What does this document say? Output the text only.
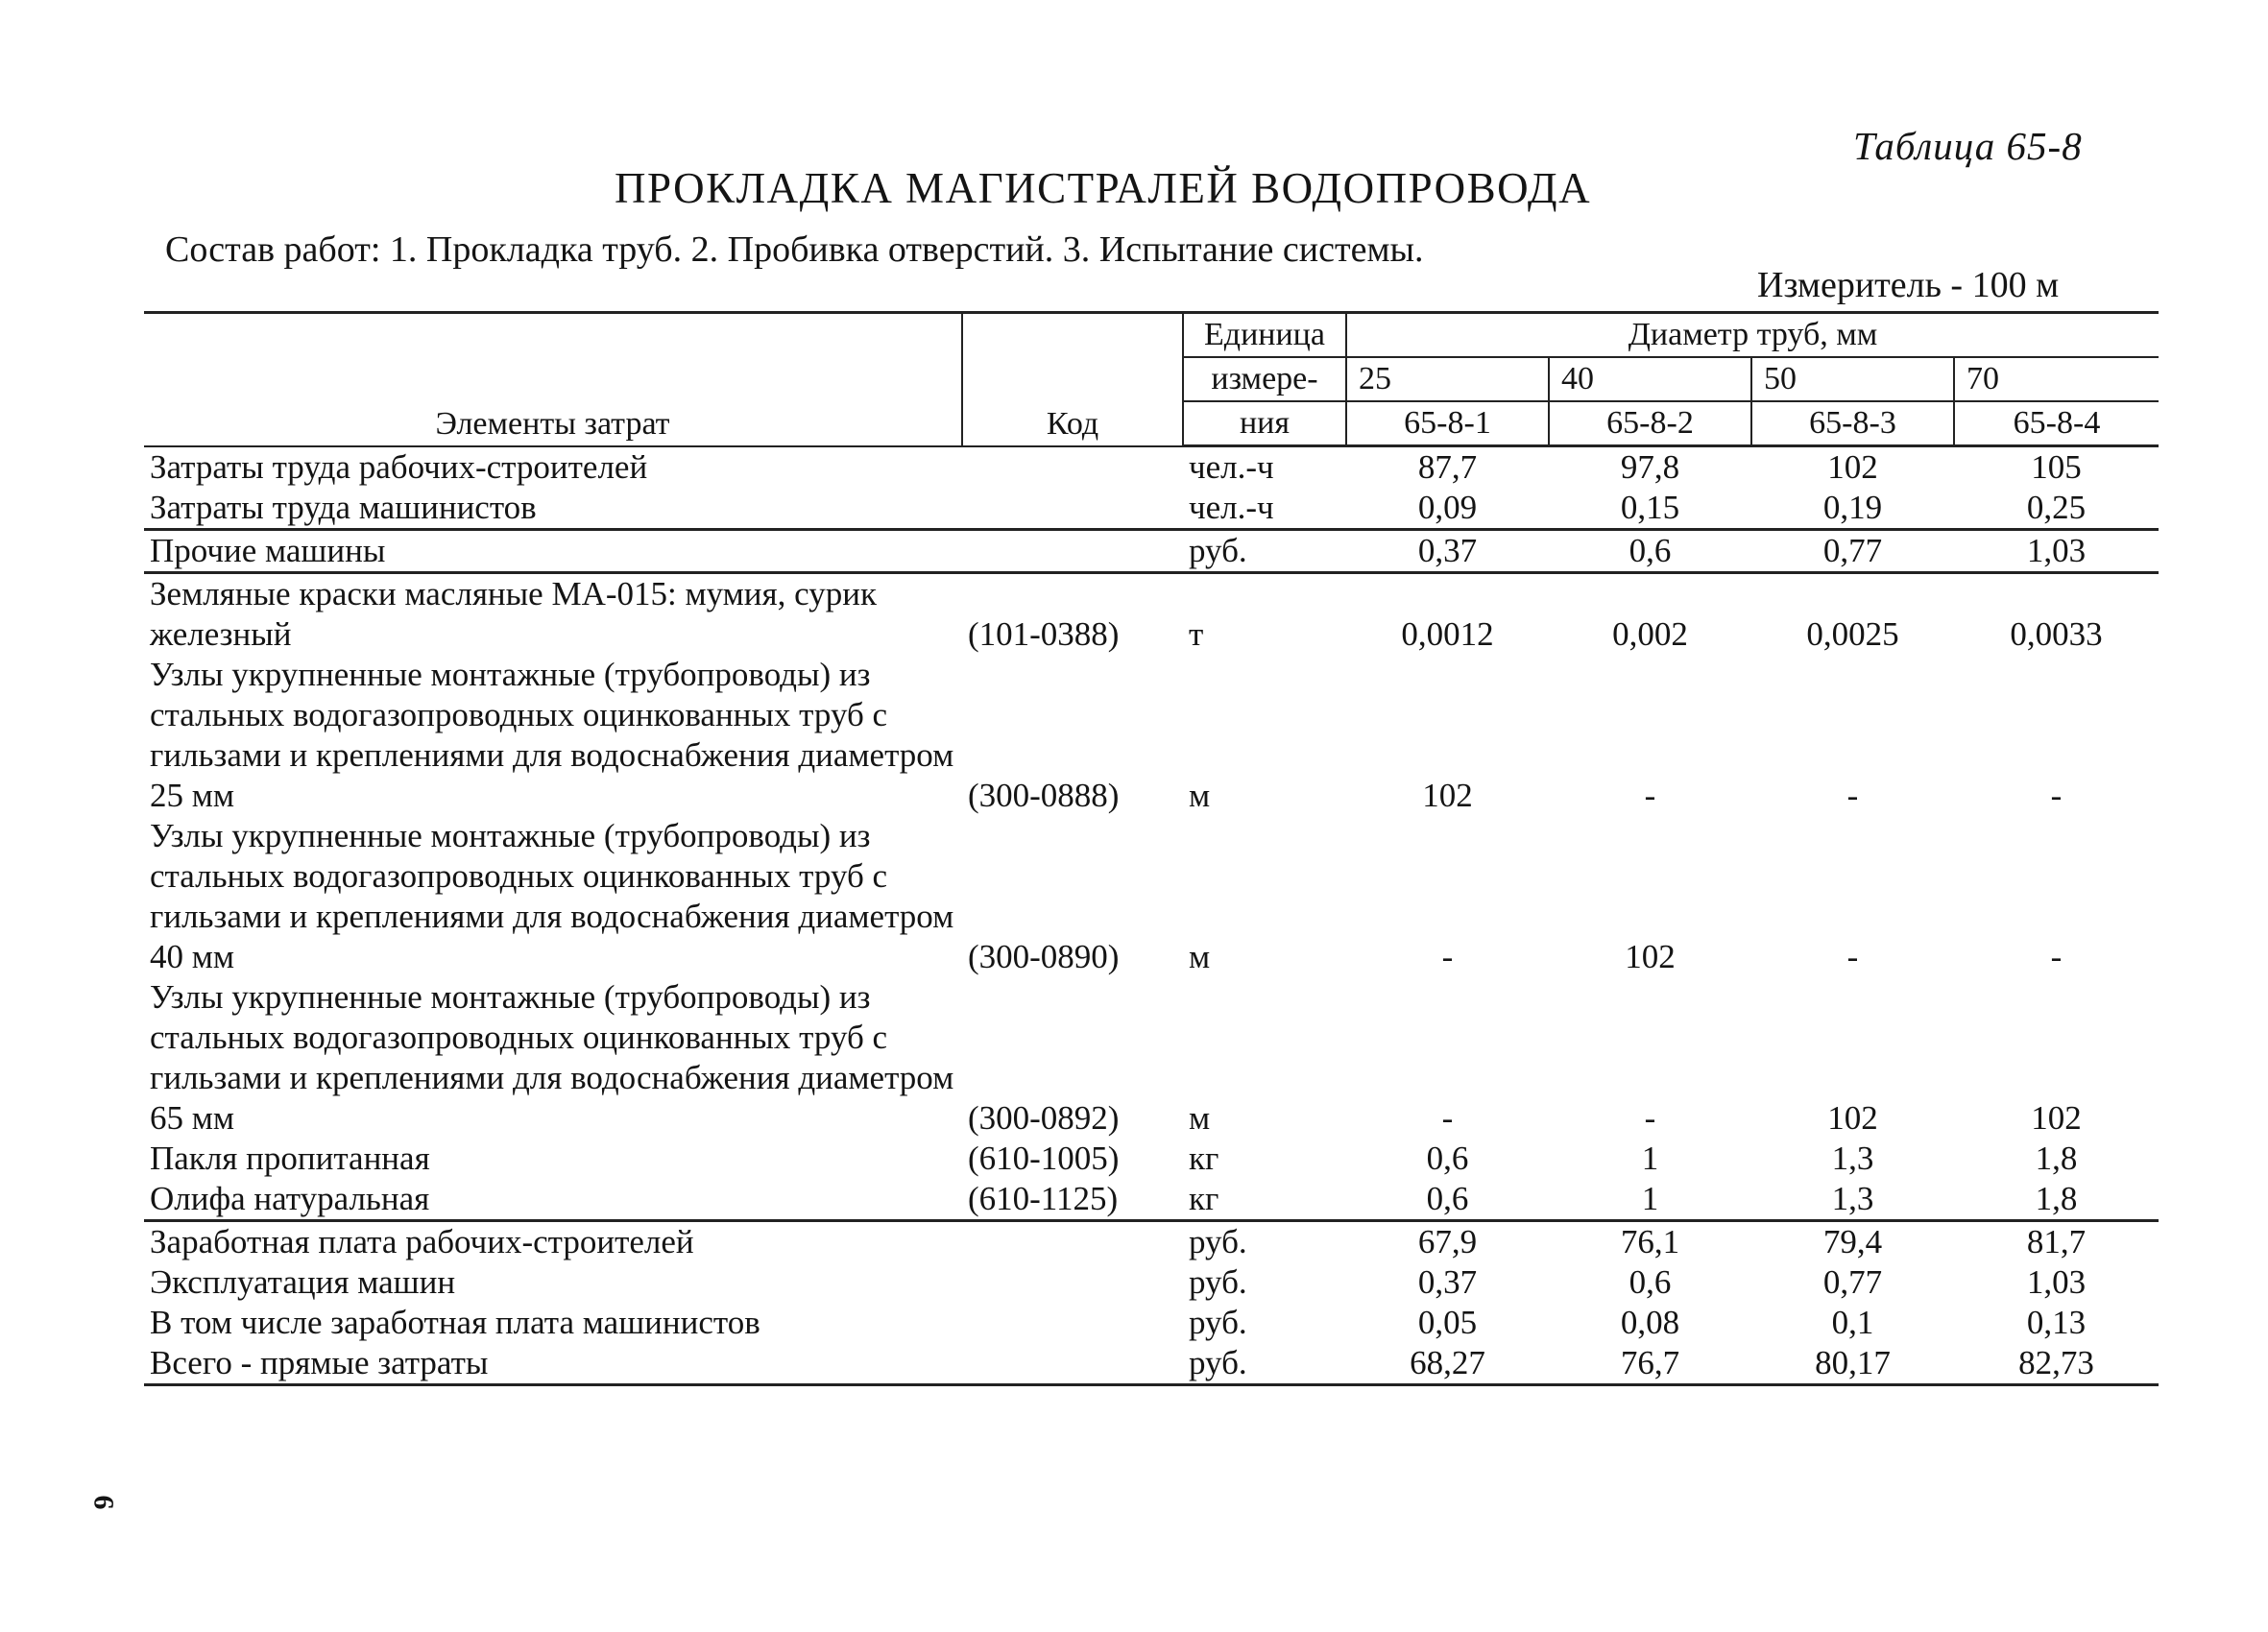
Таблица 65-8
ПРОКЛАДКА МАГИСТРАЛЕЙ ВОДОПРОВОДА
Состав работ: 1. Прокладка труб. 2. Пробивка отверстий. 3. Испытание системы.
Измеритель - 100 м
Элементы затрат	Код	Единица	Диаметр труб, мм			
		измере-	25	40	50	70
		ния	65-8-1	65-8-2	65-8-3	65-8-4
Затраты труда рабочих-строителей		чел.-ч	87,7	97,8	102	105
Затраты труда машинистов		чел.-ч	0,09	0,15	0,19	0,25
Прочие машины		руб.	0,37	0,6	0,77	1,03
Земляные краски масляные МА-015: мумия, сурик железный	(101-0388)	т	0,0012	0,002	0,0025	0,0033
Узлы укрупненные монтажные (трубопроводы) из стальных водогазопроводных оцинкованных труб с гильзами и креплениями для водоснабжения диаметром 25 мм	(300-0888)	м	102	-	-	-
Узлы укрупненные монтажные (трубопроводы) из стальных водогазопроводных оцинкованных труб с гильзами и креплениями для водоснабжения диаметром 40 мм	(300-0890)	м	-	102	-	-
Узлы укрупненные монтажные (трубопроводы) из стальных водогазопроводных оцинкованных труб с гильзами и креплениями для водоснабжения диаметром 65 мм	(300-0892)	м	-	-	102	102
Пакля пропитанная	(610-1005)	кг	0,6	1	1,3	1,8
Олифа натуральная	(610-1125)	кг	0,6	1	1,3	1,8
Заработная плата рабочих-строителей		руб.	67,9	76,1	79,4	81,7
Эксплуатация машин		руб.	0,37	0,6	0,77	1,03
В том числе заработная плата машинистов		руб.	0,05	0,08	0,1	0,13
Всего - прямые затраты		руб.	68,27	76,7	80,17	82,73
6
